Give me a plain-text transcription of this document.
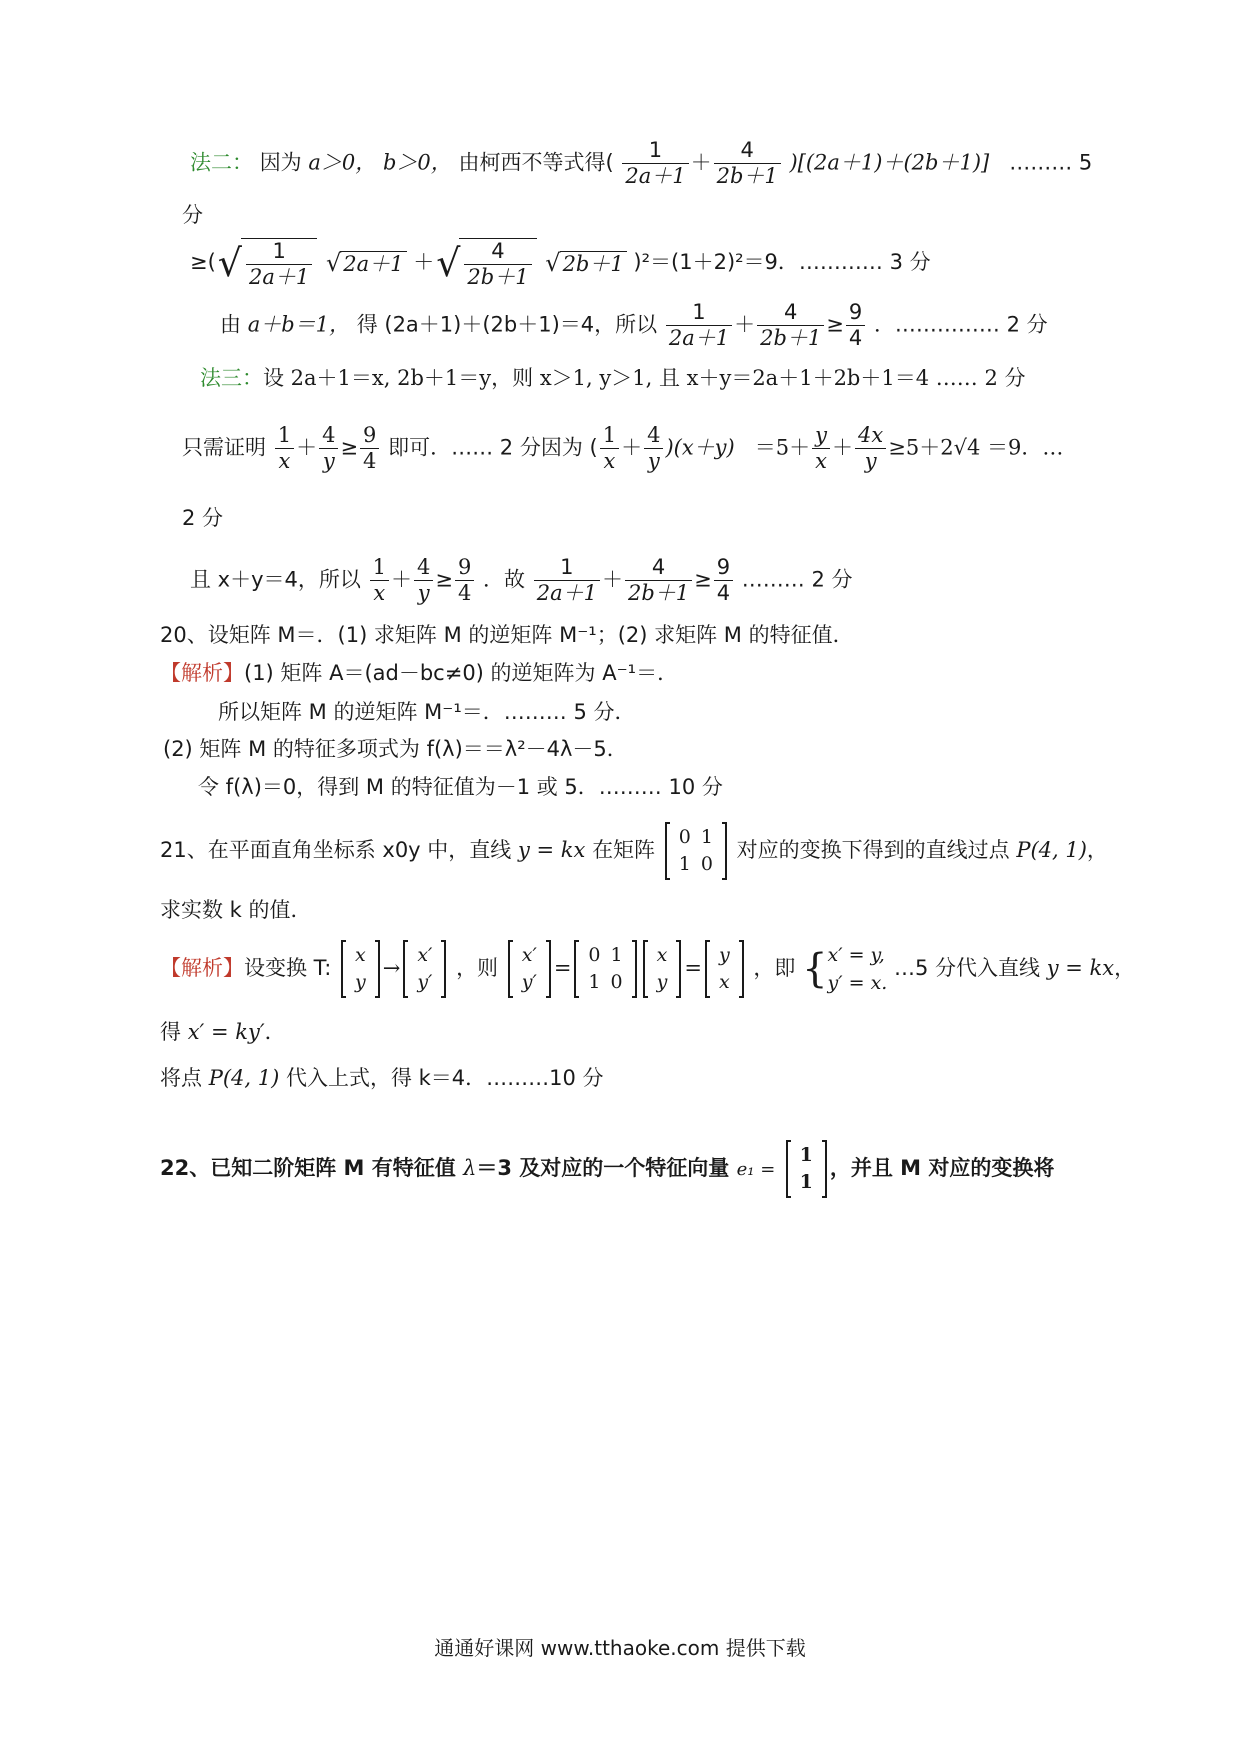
法二： 因为 a＞0， b＞0， 由柯西不等式得( $\frac{1}{2a+1} + \frac{4}{2b+1} )[(2a+1)+(2b+1)]$ ……… 5
分
≥(√ $\frac{1}{2a+1} √2a+1$ ＋√ $\frac{4}{2b+1} √2b+1$ )²＝(1＋2)²＝9．………… 3 分
由 a＋b＝1， 得 (2a＋1)＋(2b＋1)＝4，所以 $\frac{1}{2a+1} + \frac{4}{2b+1} \ge \frac{9}{4}$ ．…………… 2 分
法三：设 2a＋1＝x, 2b＋1＝y，则 x＞1, y＞1, 且 x＋y＝2a＋1＋2b＋1＝4 …… 2 分
只需证明 $\frac{1}{x} + \frac{4}{y} \ge \frac{9}{4}$ 即可．…… 2 分因为 ( $\frac{1}{x} + \frac{4}{y} )(x+y) =5+ \frac{y}{x} + \frac{4x}{y} \ge 5+2√4 =9$．…
2 分
且 x＋y＝4，所以 $\frac{1}{x} + \frac{4}{y} \ge \frac{9}{4}$ ．故 $\frac{1}{2a+1} + \frac{4}{2b+1} \ge \frac{9}{4}$ ……… 2 分
20、设矩阵 M＝．(1) 求矩阵 M 的逆矩阵 M⁻¹；(2) 求矩阵 M 的特征值．
【解析】(1) 矩阵 A＝(ad－bc≠0) 的逆矩阵为 A⁻¹＝．
所以矩阵 M 的逆矩阵 M⁻¹＝．……… 5 分．
(2) 矩阵 M 的特征多项式为 f(λ)＝＝λ²－4λ－5．
令 f(λ)＝0，得到 M 的特征值为－1 或 5．……… 10 分
21、在平面直角坐标系 x0y 中，直线 y = kx 在矩阵
0	1
1	0
对应的变换下得到的直线过点 P(4, 1)，
求实数 k 的值．
【解析】设变换 T:
x
y
→
x′
y′
，则
x′
y′
=
0	1
1	0
x
y
=
y
x
，即 { x′ = y,
y′ = x.
…5 分代入直线 y = kx，
得 x′ = ky′．
将点 P(4, 1) 代入上式，得 k＝4．………10 分
22、已知二阶矩阵 M 有特征值 λ＝3 及对应的一个特征向量 e₁ =
1
1
，并且 M 对应的变换将
通通好课网 www.tthaoke.com 提供下载
